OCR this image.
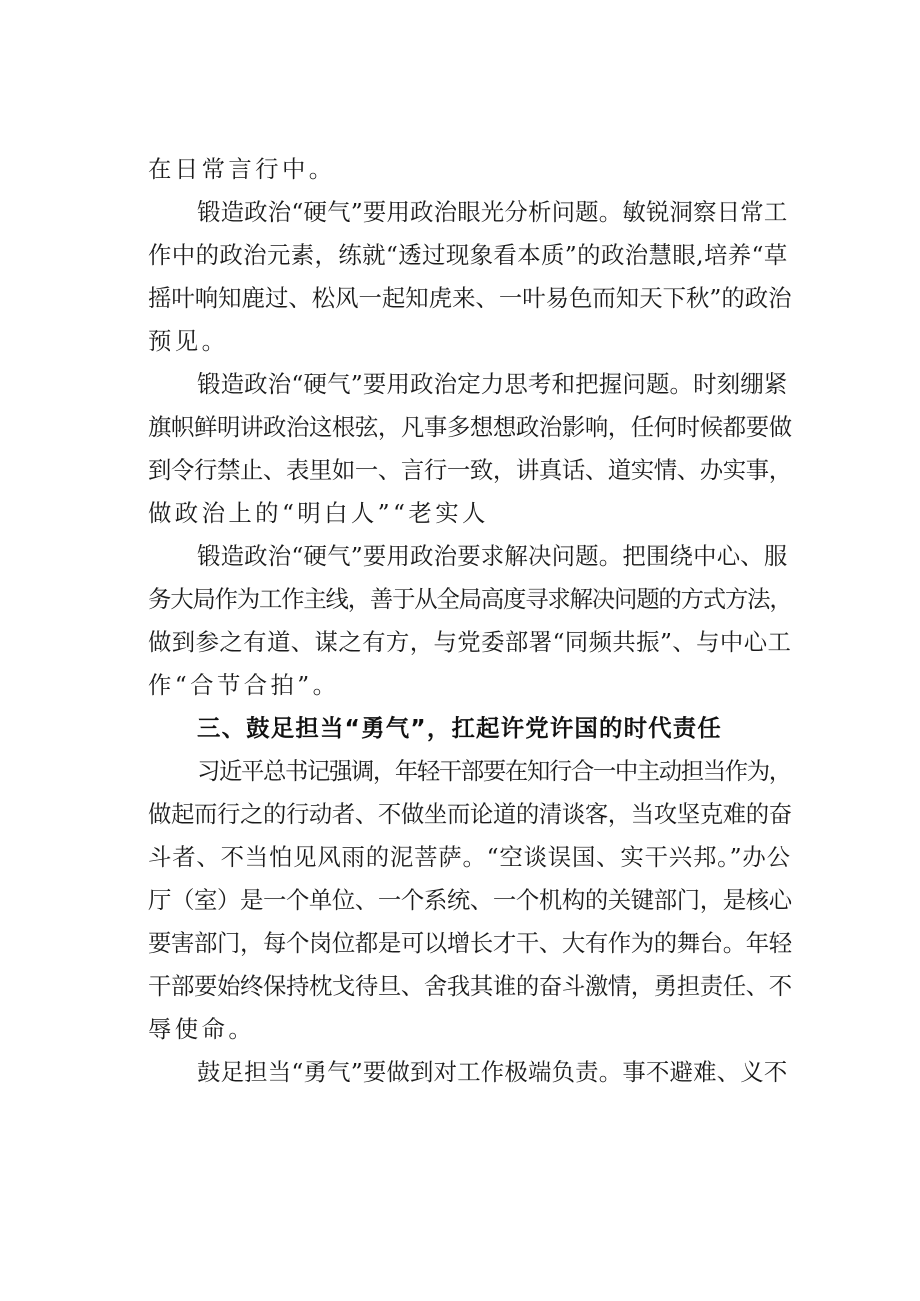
在日常言行中。
锻造政治“硬气”要用政治眼光分析问题。敏锐洞察日常工
作中的政治元素，练就“透过现象看本质”的政治慧眼,培养“草
摇叶响知鹿过、松风一起知虎来、一叶易色而知天下秋”的政治
预见。
锻造政治“硬气”要用政治定力思考和把握问题。时刻绷紧
旗帜鲜明讲政治这根弦，凡事多想想政治影响，任何时候都要做
到令行禁止、表里如一、言行一致，讲真话、道实情、办实事，
做政治上的“明白人”“老实人
锻造政治“硬气”要用政治要求解决问题。把围绕中心、服
务大局作为工作主线，善于从全局高度寻求解决问题的方式方法，
做到参之有道、谋之有方，与党委部署“同频共振”、与中心工
作“合节合拍”。
三、鼓足担当“勇气”，扛起许党许国的时代责任
习近平总书记强调，年轻干部要在知行合一中主动担当作为，
做起而行之的行动者、不做坐而论道的清谈客，当攻坚克难的奋
斗者、不当怕见风雨的泥菩萨。“空谈误国、实干兴邦。”办公
厅（室）是一个单位、一个系统、一个机构的关键部门，是核心
要害部门，每个岗位都是可以增长才干、大有作为的舞台。年轻
干部要始终保持枕戈待旦、舍我其谁的奋斗激情，勇担责任、不
辱使命。
鼓足担当“勇气”要做到对工作极端负责。事不避难、义不
